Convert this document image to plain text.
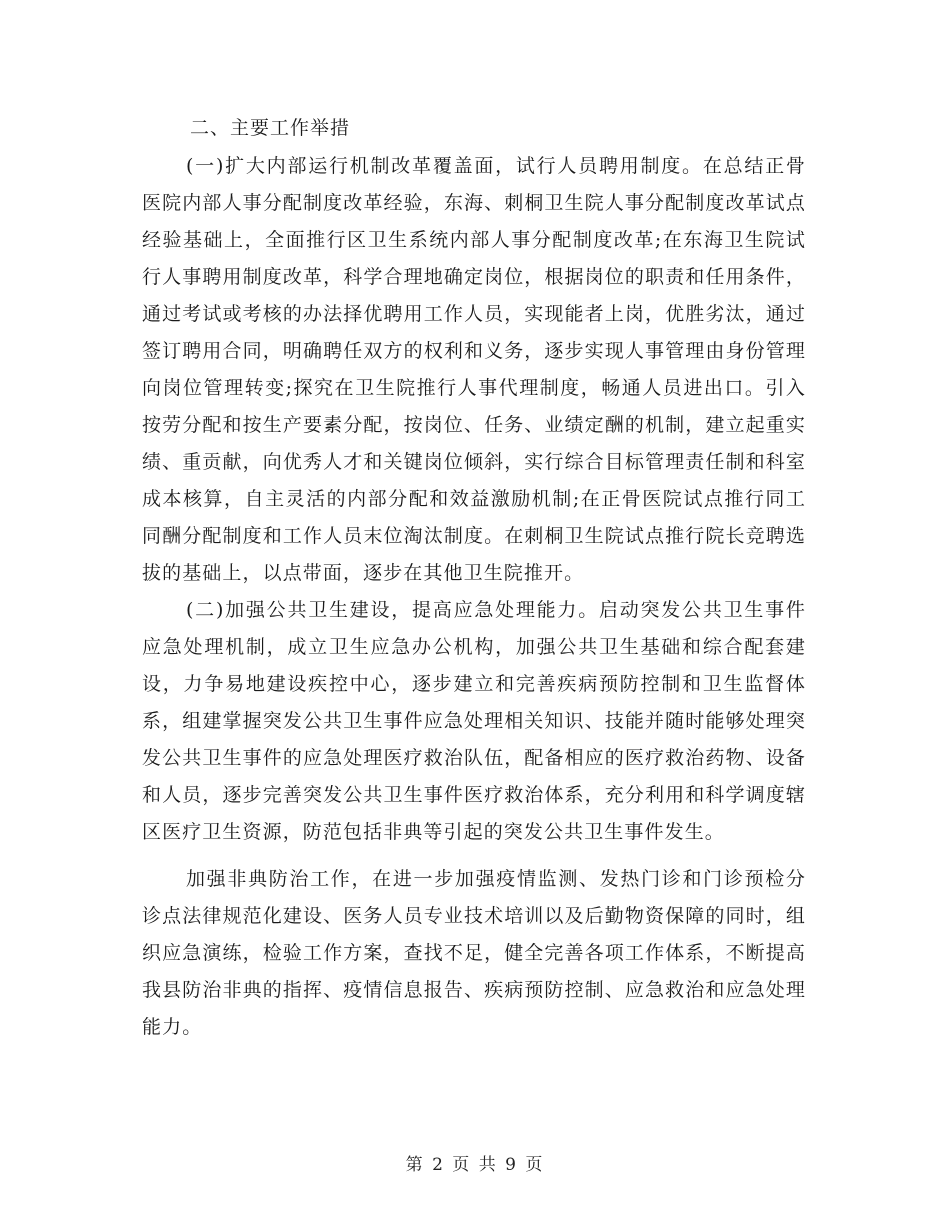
二、主要工作举措

(一)扩大内部运行机制改革覆盖面，试行人员聘用制度。在总结正骨医院内部人事分配制度改革经验，东海、刺桐卫生院人事分配制度改革试点经验基础上，全面推行区卫生系统内部人事分配制度改革;在东海卫生院试行人事聘用制度改革，科学合理地确定岗位，根据岗位的职责和任用条件，通过考试或考核的办法择优聘用工作人员，实现能者上岗，优胜劣汰，通过签订聘用合同，明确聘任双方的权利和义务，逐步实现人事管理由身份管理向岗位管理转变;探究在卫生院推行人事代理制度，畅通人员进出口。引入按劳分配和按生产要素分配，按岗位、任务、业绩定酬的机制，建立起重实绩、重贡献，向优秀人才和关键岗位倾斜，实行综合目标管理责任制和科室成本核算，自主灵活的内部分配和效益激励机制;在正骨医院试点推行同工同酬分配制度和工作人员末位淘汰制度。在刺桐卫生院试点推行院长竞聘选拔的基础上，以点带面，逐步在其他卫生院推开。

(二)加强公共卫生建设，提高应急处理能力。启动突发公共卫生事件应急处理机制，成立卫生应急办公机构，加强公共卫生基础和综合配套建设，力争易地建设疾控中心，逐步建立和完善疾病预防控制和卫生监督体系，组建掌握突发公共卫生事件应急处理相关知识、技能并随时能够处理突发公共卫生事件的应急处理医疗救治队伍，配备相应的医疗救治药物、设备和人员，逐步完善突发公共卫生事件医疗救治体系，充分利用和科学调度辖区医疗卫生资源，防范包括非典等引起的突发公共卫生事件发生。

加强非典防治工作，在进一步加强疫情监测、发热门诊和门诊预检分诊点法律规范化建设、医务人员专业技术培训以及后勤物资保障的同时，组织应急演练，检验工作方案，查找不足，健全完善各项工作体系，不断提高我县防治非典的指挥、疫情信息报告、疾病预防控制、应急救治和应急处理能力。

第 2 页 共 9 页
